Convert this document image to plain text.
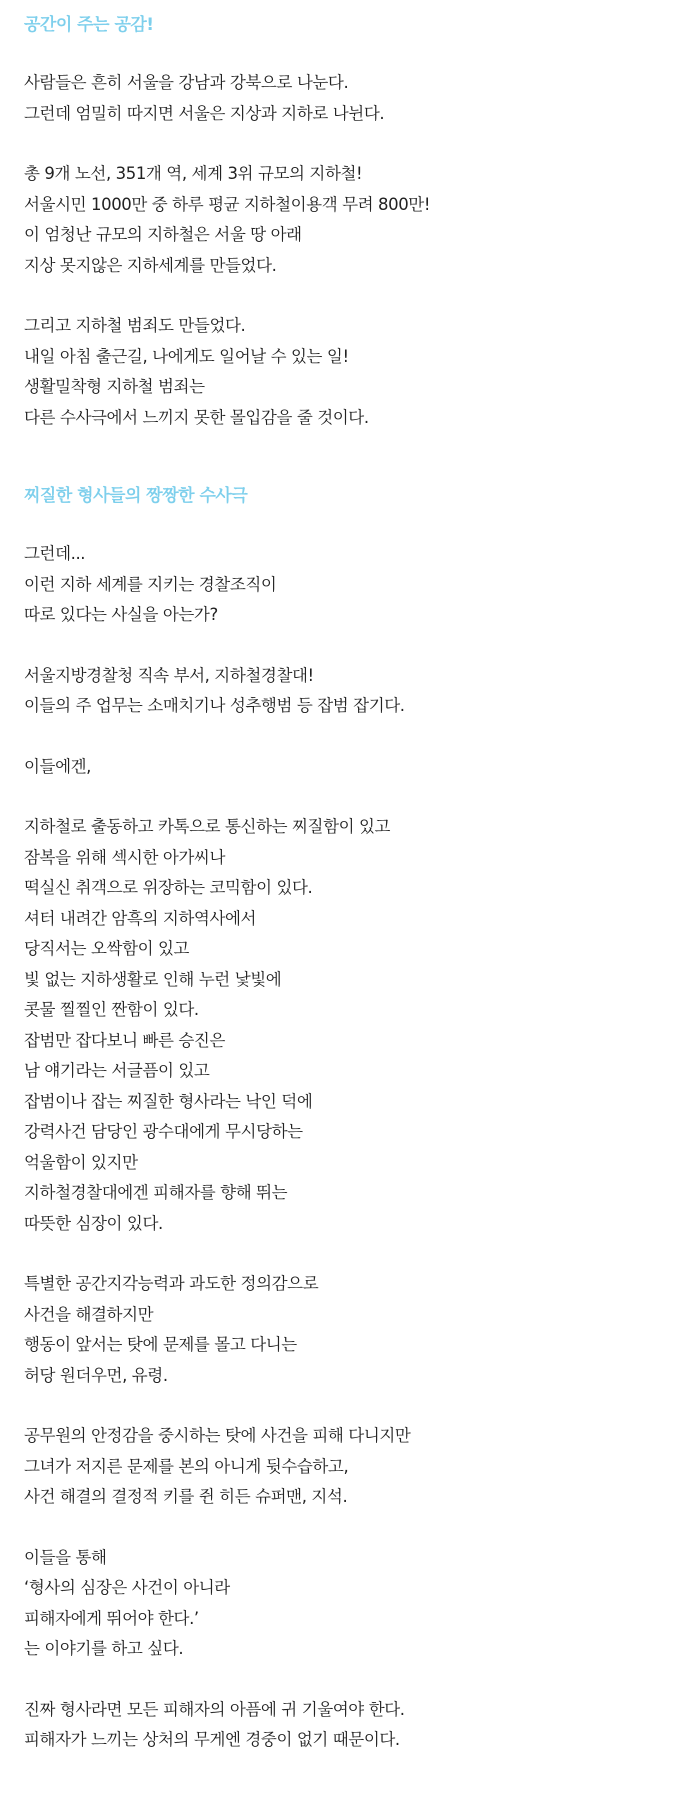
공간이 주는 공감!
사람들은 흔히 서울을 강남과 강북으로 나눈다.
그런데 엄밀히 따지면 서울은 지상과 지하로 나뉜다.
총 9개 노선, 351개 역, 세계 3위 규모의 지하철!
서울시민 1000만 중 하루 평균 지하철이용객 무려 800만!
이 엄청난 규모의 지하철은 서울 땅 아래
지상 못지않은 지하세계를 만들었다.
그리고 지하철 범죄도 만들었다.
내일 아침 출근길, 나에게도 일어날 수 있는 일!
생활밀착형 지하철 범죄는
다른 수사극에서 느끼지 못한 몰입감을 줄 것이다.
찌질한 형사들의 짱짱한 수사극
그런데...
이런 지하 세계를 지키는 경찰조직이
따로 있다는 사실을 아는가?
서울지방경찰청 직속 부서, 지하철경찰대!
이들의 주 업무는 소매치기나 성추행범 등 잡범 잡기다.
이들에겐,
지하철로 출동하고 카톡으로 통신하는 찌질함이 있고
잠복을 위해 섹시한 아가씨나
떡실신 취객으로 위장하는 코믹함이 있다.
셔터 내려간 암흑의 지하역사에서
당직서는 오싹함이 있고
빛 없는 지하생활로 인해 누런 낯빛에
콧물 찔찔인 짠함이 있다.
잡범만 잡다보니 빠른 승진은
남 얘기라는 서글픔이 있고
잡범이나 잡는 찌질한 형사라는 낙인 덕에
강력사건 담당인 광수대에게 무시당하는
억울함이 있지만
지하철경찰대에겐 피해자를 향해 뛰는
따뜻한 심장이 있다.
특별한 공간지각능력과 과도한 정의감으로
사건을 해결하지만
행동이 앞서는 탓에 문제를 몰고 다니는
허당 원더우먼, 유령.
공무원의 안정감을 중시하는 탓에 사건을 피해 다니지만
그녀가 저지른 문제를 본의 아니게 뒷수습하고,
사건 해결의 결정적 키를 쥔 히든 슈퍼맨, 지석.
이들을 통해
‘형사의 심장은 사건이 아니라
피해자에게 뛰어야 한다.’
는 이야기를 하고 싶다.
진짜 형사라면 모든 피해자의 아픔에 귀 기울여야 한다.
피해자가 느끼는 상처의 무게엔 경중이 없기 때문이다.
